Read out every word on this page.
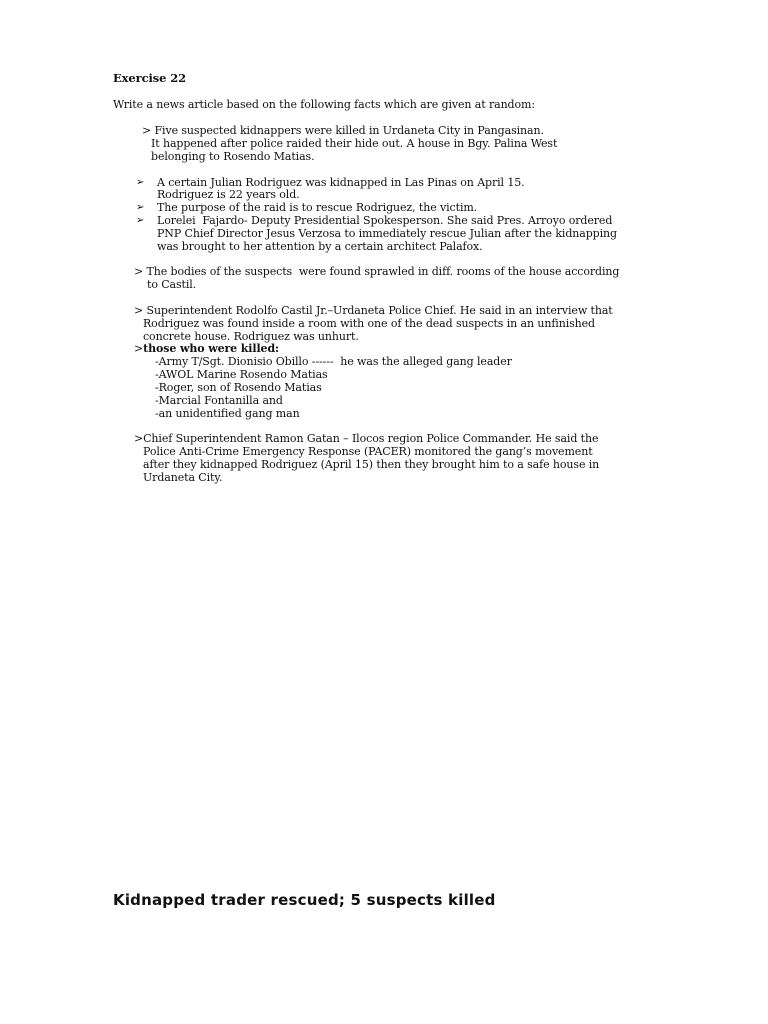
Exercise 22
Write a news article based on the following facts which are given at random:
> Five suspected kidnappers were killed in Urdaneta City in Pangasinan.
It happened after police raided their hide out. A house in Bgy. Palina West
belonging to Rosendo Matias.
➢ A certain Julian Rodriguez was kidnapped in Las Pinas on April 15.
Rodriguez is 22 years old.
➢ The purpose of the raid is to rescue Rodriguez, the victim.
➢ Lorelei  Fajardo- Deputy Presidential Spokesperson. She said Pres. Arroyo ordered
PNP Chief Director Jesus Verzosa to immediately rescue Julian after the kidnapping
was brought to her attention by a certain architect Palafox.
> The bodies of the suspects  were found sprawled in diff. rooms of the house according
to Castil.
> Superintendent Rodolfo Castil Jr.–Urdaneta Police Chief. He said in an interview that
Rodriguez was found inside a room with one of the dead suspects in an unfinished
concrete house. Rodriguez was unhurt.
>those who were killed:
-Army T/Sgt. Dionisio Obillo ------  he was the alleged gang leader
-AWOL Marine Rosendo Matias
-Roger, son of Rosendo Matias
-Marcial Fontanilla and
-an unidentified gang man
>Chief Superintendent Ramon Gatan – Ilocos region Police Commander. He said the
Police Anti-Crime Emergency Response (PACER) monitored the gang’s movement
after they kidnapped Rodriguez (April 15) then they brought him to a safe house in
Urdaneta City.
Kidnapped trader rescued; 5 suspects killed
